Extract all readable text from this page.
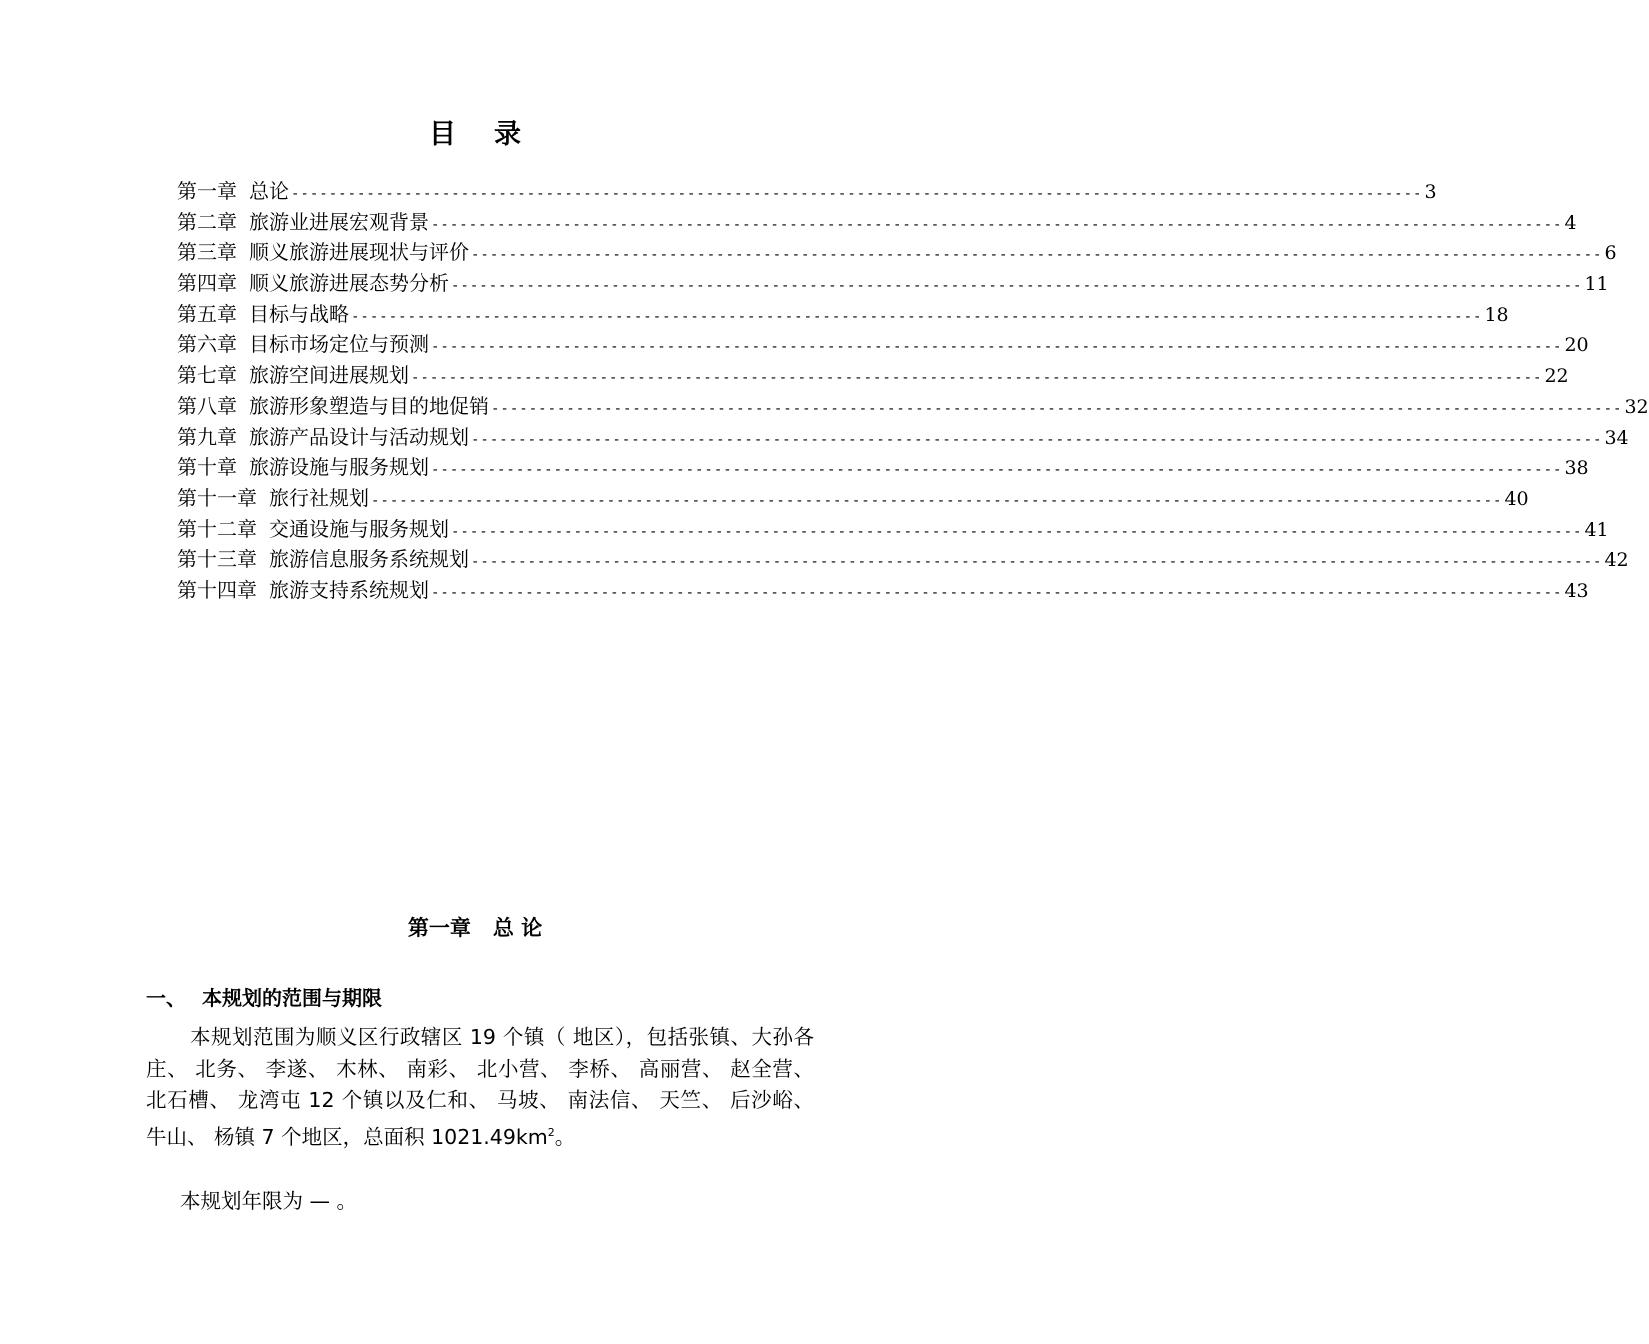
目录
第一章 总论 ------------------------------------------------------------------------------------------------------------------------ 3
第二章 旅游业进展宏观背景 ------------------------------------------------------------------------------------------------------------------------ 4
第三章 顺义旅游进展现状与评价 ------------------------------------------------------------------------------------------------------------------------ 6
第四章 顺义旅游进展态势分析 ------------------------------------------------------------------------------------------------------------------------ 11
第五章 目标与战略 ------------------------------------------------------------------------------------------------------------------------ 18
第六章 目标市场定位与预测 ------------------------------------------------------------------------------------------------------------------------ 20
第七章 旅游空间进展规划 ------------------------------------------------------------------------------------------------------------------------ 22
第八章 旅游形象塑造与目的地促销 ------------------------------------------------------------------------------------------------------------------------ 32
第九章 旅游产品设计与活动规划 ------------------------------------------------------------------------------------------------------------------------ 34
第十章 旅游设施与服务规划 ------------------------------------------------------------------------------------------------------------------------ 38
第十一章 旅行社规划 ------------------------------------------------------------------------------------------------------------------------ 40
第十二章 交通设施与服务规划 ------------------------------------------------------------------------------------------------------------------------ 41
第十三章 旅游信息服务系统规划 ------------------------------------------------------------------------------------------------------------------------ 42
第十四章 旅游支持系统规划 ------------------------------------------------------------------------------------------------------------------------ 43
第一章 总 论
一、 本规划的范围与期限

本规划范围为顺义区行政辖区 19 个镇（ 地区），包括张镇、大孙各庄、 北务、 李遂、 木林、 南彩、 北小营、 李桥、 高丽营、 赵全营、 北石槽、 龙湾屯 12 个镇以及仁和、 马坡、 南法信、 天竺、 后沙峪、 牛山、 杨镇 7 个地区，总面积 $1021.49km^2$。

本规划年限为 — 。
